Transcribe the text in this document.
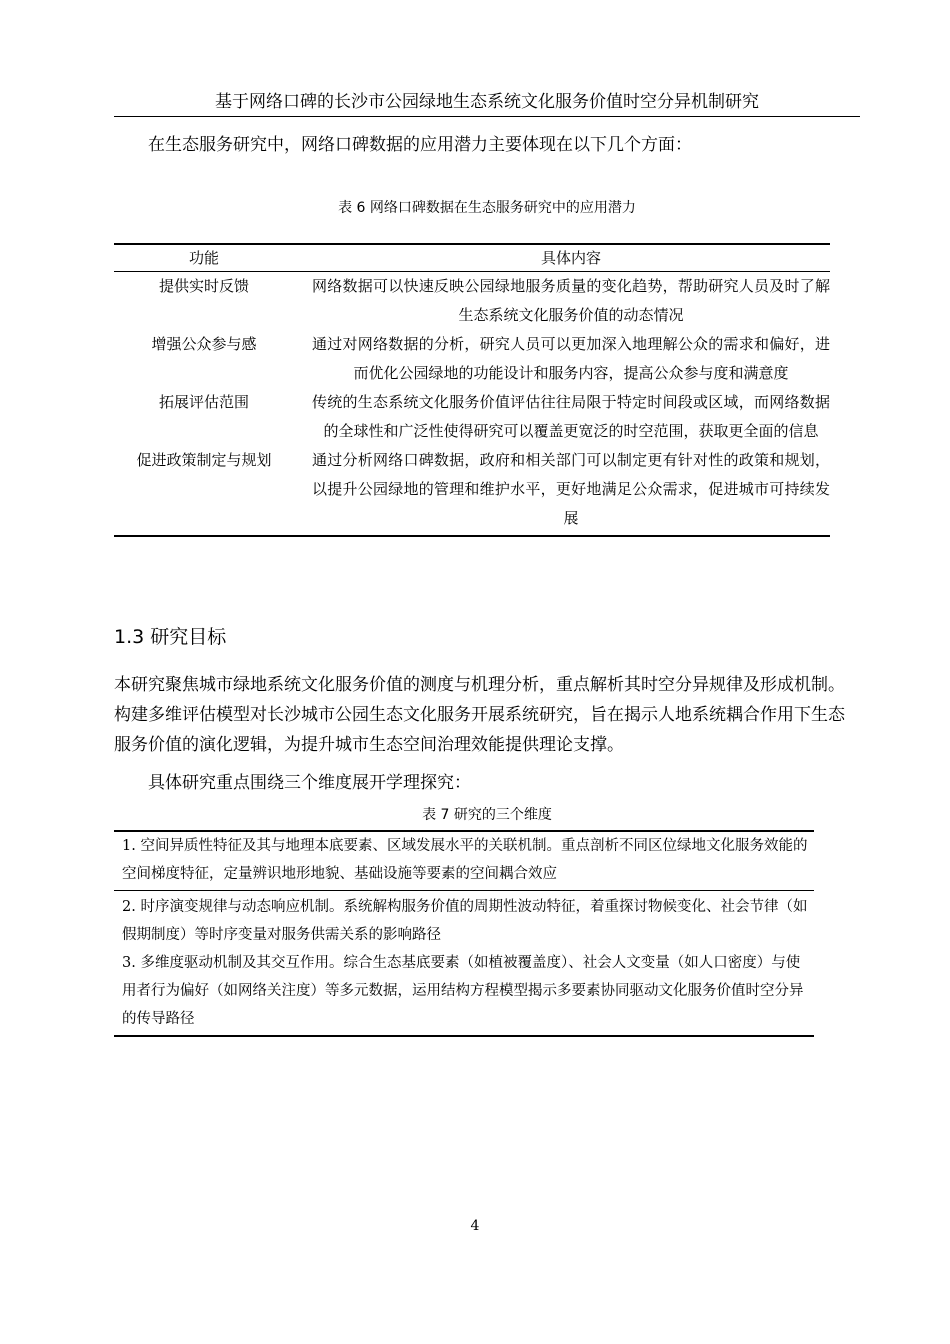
基于网络口碑的长沙市公园绿地生态系统文化服务价值时空分异机制研究

在生态服务研究中，网络口碑数据的应用潜力主要体现在以下几个方面：

表 6 网络口碑数据在生态服务研究中的应用潜力
功能	具体内容
提供实时反馈	网络数据可以快速反映公园绿地服务质量的变化趋势，帮助研究人员及时了解生态系统文化服务价值的动态情况
增强公众参与感	通过对网络数据的分析，研究人员可以更加深入地理解公众的需求和偏好，进而优化公园绿地的功能设计和服务内容，提高公众参与度和满意度
拓展评估范围	传统的生态系统文化服务价值评估往往局限于特定时间段或区域，而网络数据的全球性和广泛性使得研究可以覆盖更宽泛的时空范围，获取更全面的信息
促进政策制定与规划	通过分析网络口碑数据，政府和相关部门可以制定更有针对性的政策和规划，以提升公园绿地的管理和维护水平，更好地满足公众需求，促进城市可持续发展
1.3 研究目标

本研究聚焦城市绿地系统文化服务价值的测度与机理分析，重点解析其时空分异规律及形成机制。构建多维评估模型对长沙城市公园生态文化服务开展系统研究，旨在揭示人地系统耦合作用下生态服务价值的演化逻辑，为提升城市生态空间治理效能提供理论支撑。

具体研究重点围绕三个维度展开学理探究：

表 7 研究的三个维度
1. 空间异质性特征及其与地理本底要素、区域发展水平的关联机制。重点剖析不同区位绿地文化服务效能的空间梯度特征，定量辨识地形地貌、基础设施等要素的空间耦合效应
2. 时序演变规律与动态响应机制。系统解构服务价值的周期性波动特征，着重探讨物候变化、社会节律（如假期制度）等时序变量对服务供需关系的影响路径
3. 多维度驱动机制及其交互作用。综合生态基底要素（如植被覆盖度）、社会人文变量（如人口密度）与使用者行为偏好（如网络关注度）等多元数据，运用结构方程模型揭示多要素协同驱动文化服务价值时空分异的传导路径
4
